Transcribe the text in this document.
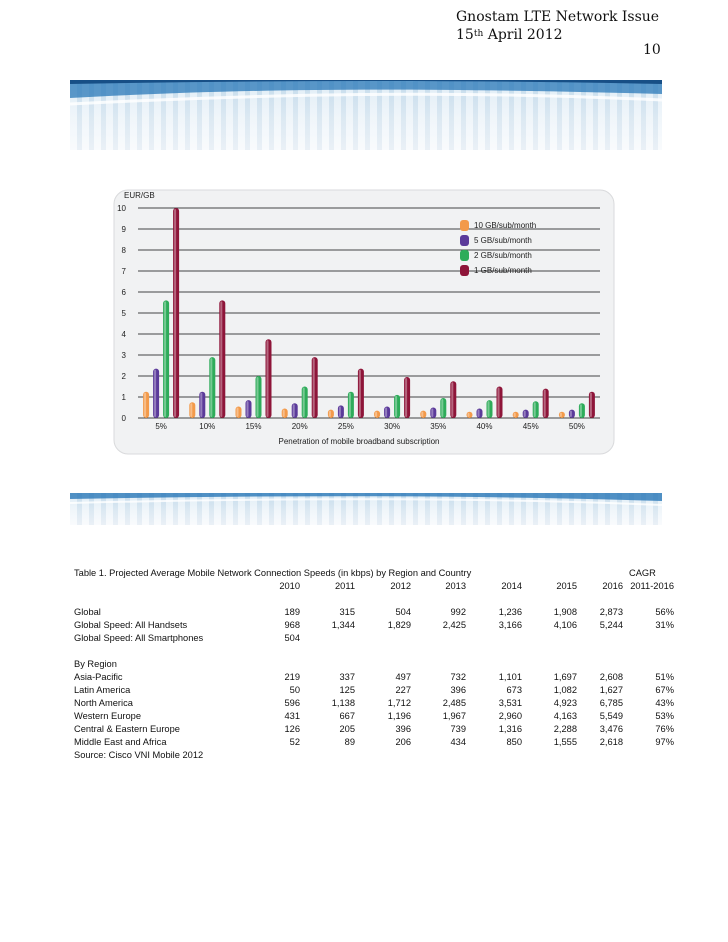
Gnostam LTE Network Issue
15th April 2012
10
EUR/GB
0
1
2
3
4
5
6
7
8
9
10
5%	10%	15%	20%	25%	30%	35%	40%	45%	50%
Penetration of mobile broadband subscription
10 GB/sub/month
5 GB/sub/month
2 GB/sub/month
1 GB/sub/month
Table 1. Projected Average Mobile Network Connection Speeds (in kbps) by Region and Country								CAGR
	2010	2011	2012	2013	2014	2015	2016	2011-2016

Global	189	315	504	992	1,236	1,908	2,873	56%
Global Speed: All Handsets	968	1,344	1,829	2,425	3,166	4,106	5,244	31%
Global Speed: All Smartphones	504							

By Region								
Asia-Pacific	219	337	497	732	1,101	1,697	2,608	51%
Latin America	50	125	227	396	673	1,082	1,627	67%
North America	596	1,138	1,712	2,485	3,531	4,923	6,785	43%
Western Europe	431	667	1,196	1,967	2,960	4,163	5,549	53%
Central & Eastern Europe	126	205	396	739	1,316	2,288	3,476	76%
Middle East and Africa	52	89	206	434	850	1,555	2,618	97%
Source: Cisco VNI Mobile 2012								
